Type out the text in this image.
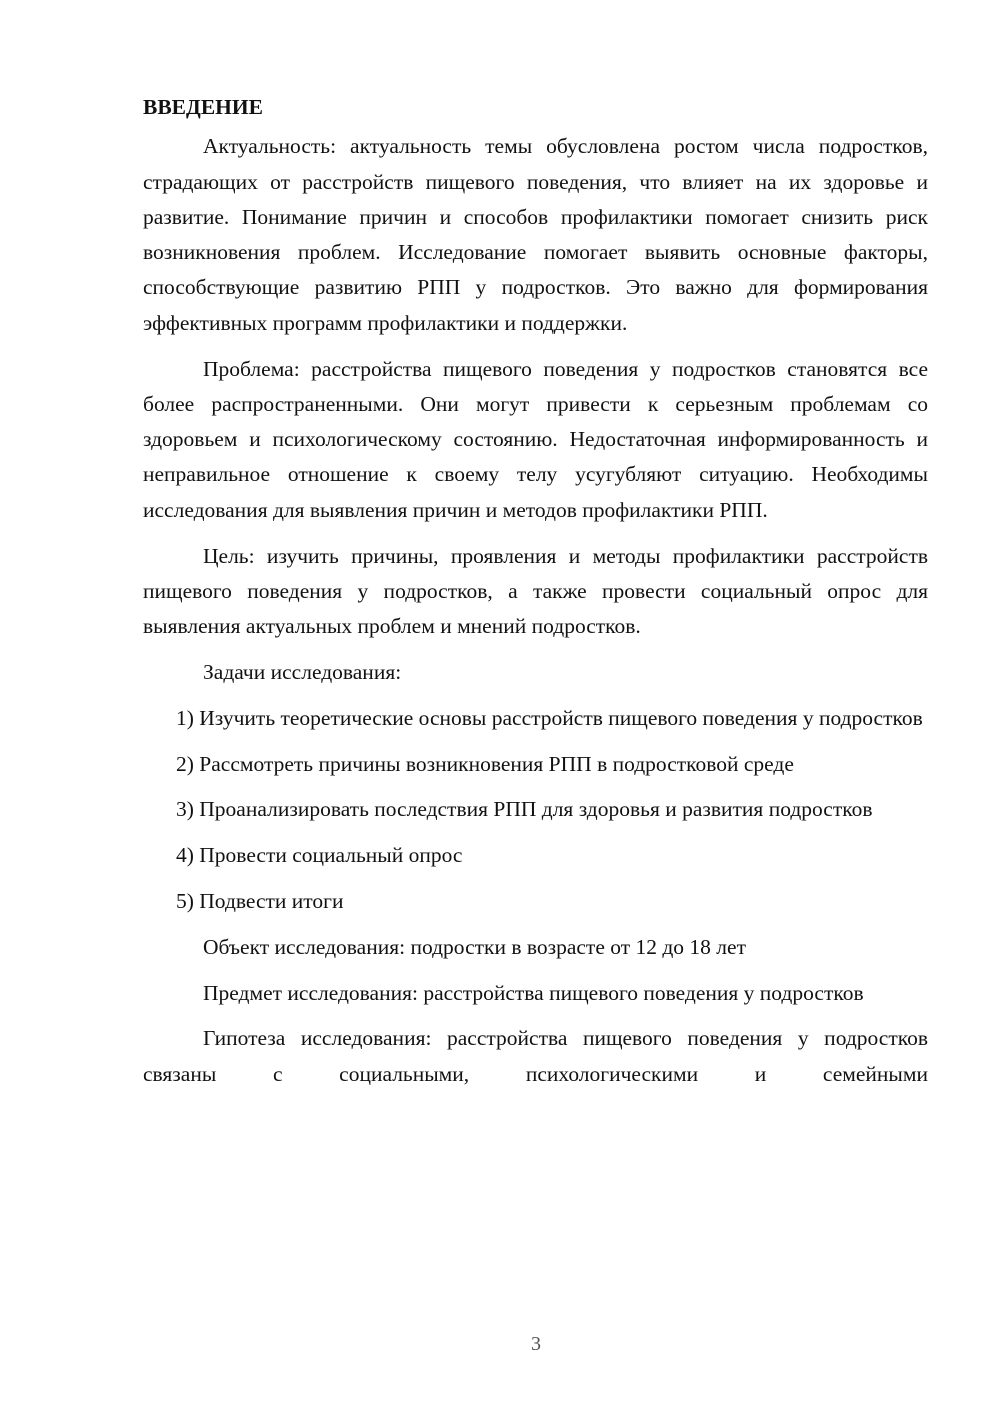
ВВЕДЕНИЕ

Актуальность: актуальность темы обусловлена ростом числа подростков, страдающих от расстройств пищевого поведения, что влияет на их здоровье и развитие. Понимание причин и способов профилактики помогает снизить риск возникновения проблем. Исследование помогает выявить основные факторы, способствующие развитию РПП у подростков. Это важно для формирования эффективных программ профилактики и поддержки.

Проблема: расстройства пищевого поведения у подростков становятся все более распространенными. Они могут привести к серьезным проблемам со здоровьем и психологическому состоянию. Недостаточная информированность и неправильное отношение к своему телу усугубляют ситуацию. Необходимы исследования для выявления причин и методов профилактики РПП.

Цель: изучить причины, проявления и методы профилактики расстройств пищевого поведения у подростков, а также провести социальный опрос для выявления актуальных проблем и мнений подростков.

Задачи исследования:

1) Изучить теоретические основы расстройств пищевого поведения у подростков

2) Рассмотреть причины возникновения РПП в подростковой среде

3) Проанализировать последствия РПП для здоровья и развития подростков

4) Провести социальный опрос

5) Подвести итоги

Объект исследования: подростки в возрасте от 12 до 18 лет

Предмет исследования: расстройства пищевого поведения у подростков

Гипотеза исследования: расстройства пищевого поведения у подростков связаны с социальными, психологическими и семейными

3
